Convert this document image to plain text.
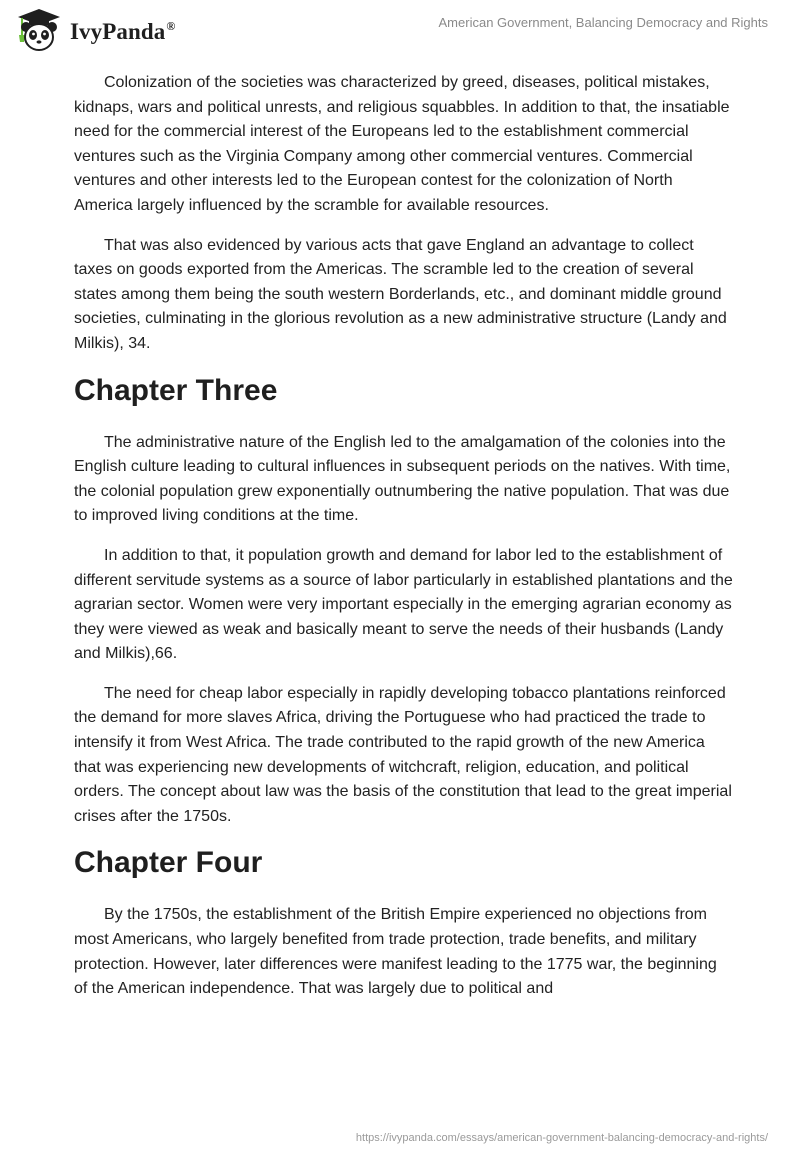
IvyPanda®	American Government, Balancing Democracy and Rights

Colonization of the societies was characterized by greed, diseases, political mistakes, kidnaps, wars and political unrests, and religious squabbles. In addition to that, the insatiable need for the commercial interest of the Europeans led to the establishment commercial ventures such as the Virginia Company among other commercial ventures. Commercial ventures and other interests led to the European contest for the colonization of North America largely influenced by the scramble for available resources.

That was also evidenced by various acts that gave England an advantage to collect taxes on goods exported from the Americas. The scramble led to the creation of several states among them being the south western Borderlands, etc., and dominant middle ground societies, culminating in the glorious revolution as a new administrative structure (Landy and Milkis), 34.

Chapter Three

The administrative nature of the English led to the amalgamation of the colonies into the English culture leading to cultural influences in subsequent periods on the natives. With time, the colonial population grew exponentially outnumbering the native population. That was due to improved living conditions at the time.

In addition to that, it population growth and demand for labor led to the establishment of different servitude systems as a source of labor particularly in established plantations and the agrarian sector. Women were very important especially in the emerging agrarian economy as they were viewed as weak and basically meant to serve the needs of their husbands (Landy and Milkis),66.

The need for cheap labor especially in rapidly developing tobacco plantations reinforced the demand for more slaves Africa, driving the Portuguese who had practiced the trade to intensify it from West Africa. The trade contributed to the rapid growth of the new America that was experiencing new developments of witchcraft, religion, education, and political orders. The concept about law was the basis of the constitution that lead to the great imperial crises after the 1750s.

Chapter Four

By the 1750s, the establishment of the British Empire experienced no objections from most Americans, who largely benefited from trade protection, trade benefits, and military protection. However, later differences were manifest leading to the 1775 war, the beginning of the American independence. That was largely due to political and

https://ivypanda.com/essays/american-government-balancing-democracy-and-rights/
